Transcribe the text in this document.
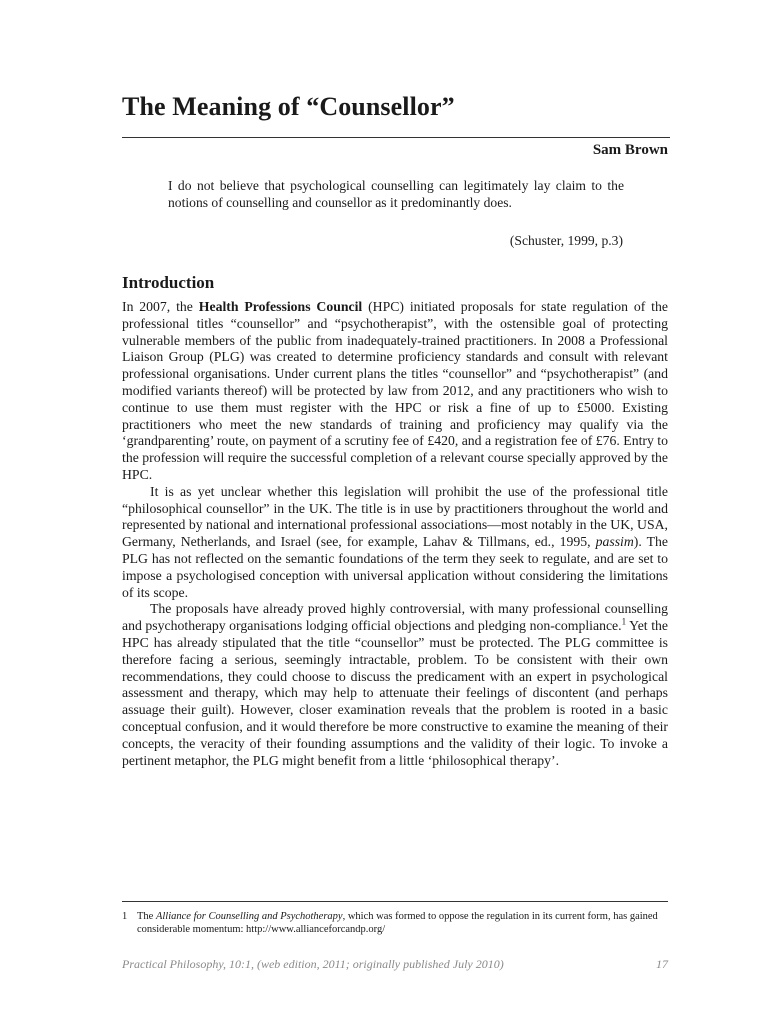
The Meaning of “Counsellor”
Sam Brown

I do not believe that psychological counselling can legitimately lay claim to the notions of counselling and counsellor as it predominantly does.

(Schuster, 1999, p.3)
Introduction

In 2007, the Health Professions Council (HPC) initiated proposals for state regulation of the professional titles “counsellor” and “psychotherapist”, with the ostensible goal of protecting vulnerable members of the public from inadequately-trained practitioners. In 2008 a Professional Liaison Group (PLG) was created to determine proficiency standards and consult with relevant professional organisations. Under current plans the titles “counsellor” and “psychotherapist” (and modified variants thereof) will be protected by law from 2012, and any practitioners who wish to continue to use them must register with the HPC or risk a fine of up to £5000. Existing practitioners who meet the new standards of training and proficiency may qualify via the ‘grandparenting’ route, on payment of a scrutiny fee of £420, and a registration fee of £76. Entry to the profession will require the successful completion of a relevant course specially approved by the HPC.

It is as yet unclear whether this legislation will prohibit the use of the professional title “philosophical counsellor” in the UK. The title is in use by practitioners throughout the world and represented by national and international professional associations—most notably in the UK, USA, Germany, Netherlands, and Israel (see, for example, Lahav & Tillmans, ed., 1995, passim). The PLG has not reflected on the semantic foundations of the term they seek to regulate, and are set to impose a psychologised conception with universal application without considering the limitations of its scope.

The proposals have already proved highly controversial, with many professional counselling and psychotherapy organisations lodging official objections and pledging non-compliance.$^1$ Yet the HPC has already stipulated that the title “counsellor” must be protected. The PLG committee is therefore facing a serious, seemingly intractable, problem. To be consistent with their own recommendations, they could choose to discuss the predicament with an expert in psychological assessment and therapy, which may help to attenuate their feelings of discontent (and perhaps assuage their guilt). However, closer examination reveals that the problem is rooted in a basic conceptual confusion, and it would therefore be more constructive to examine the meaning of their concepts, the veracity of their founding assumptions and the validity of their logic. To invoke a pertinent metaphor, the PLG might benefit from a little ‘philosophical therapy’.

1 The Alliance for Counselling and Psychotherapy, which was formed to oppose the regulation in its current form, has gained considerable momentum: http://www.allianceforcandp.org/
Practical Philosophy, 10:1, (web edition, 2011; originally published July 2010)	17
